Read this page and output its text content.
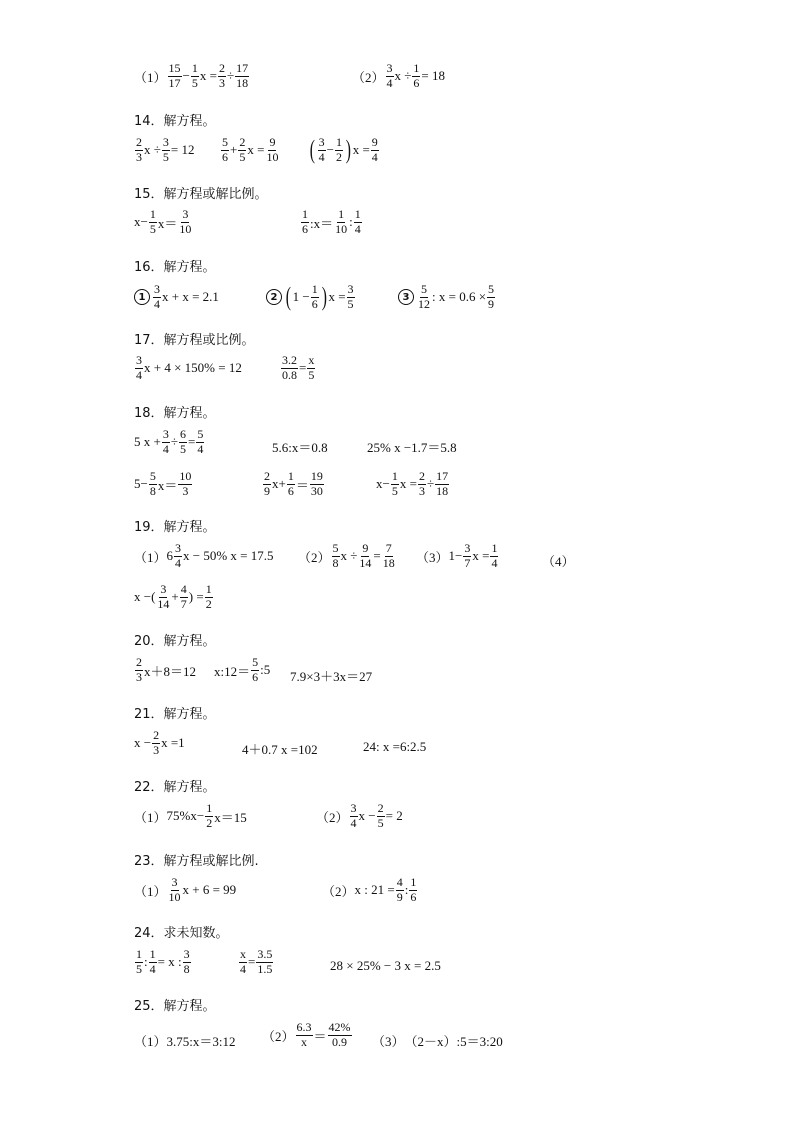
$(1) \frac{15}{17} - \frac{1}{5}$ $x = \frac{2}{3} \div \frac{17}{18}$	$(2) \frac{3}{4}$ $x \div \frac{1}{6} = 18$
14．解方程。
$\frac{2}{3}$ $x \div \frac{3}{5} = 12 \frac{5}{6} + \frac{2}{5}$ $x = \frac{9}{10}$ ( $\frac{3}{4} - \frac{1}{2}$ ) $x = \frac{9}{4}$
15．解方程或解比例。
$x- \frac{1}{5} x= \frac{3}{10}$	$\frac{1}{6}$ :x＝ $\frac{1}{10}$ : $\frac{1}{4}$
16．解方程。
$1 \frac{3}{4}$ x + x = 2.1	2 ( $1 - \frac{1}{6}$ ) $x = \frac{3}{5}$	$3 \frac{5}{12}$ : $x = 0.6 \times \frac{5}{9}$
17．解方程或比例。
$\frac{3}{4}$ x + 4 × 150% = 12	$\frac{3.2}{0.8} = \frac{x}{5}$
18．解方程。
5 $x + \frac{3}{4} \div \frac{6}{5} = \frac{5}{4}$	5.6:x＝0.8	25% x −1.7＝5.8
$5- \frac{5}{8} x= \frac{10}{3}$	$\frac{2}{9} x+ \frac{1}{6} = \frac{19}{30}$	$x- \frac{1}{5}$ $x = \frac{2}{3} \div \frac{17}{18}$
19．解方程。
（1） $6 \frac{3}{4}$ x − 50% x = 17.5 $(2) \frac{5}{8}$ $x \div \frac{9}{14} = \frac{7}{18} (3)$ $1- \frac{3}{7}$ $x = \frac{1}{4}$	（4）
x −( $\frac{3}{14} + \frac{4}{7}$ ) = $\frac{1}{2}$
20．解方程。
$\frac{2}{3} x+8=12$ x:12＝ $\frac{5}{6}$ :5 7.9×3＋3x＝27
21．解方程。
$x - \frac{2}{3}$ x =1	4＋0.7 x =102	24: x =6:2.5
22．解方程。
（1） $75\%x- \frac{1}{2} x=15$	$(2) \frac{3}{4}$ $x - \frac{2}{5} = 2$
23．解方程或解比例.
$(1) \frac{3}{10}$ x + 6 = 99	（2） x : $21 = \frac{4}{9}$ : $\frac{1}{6}$
24．求未知数。
$\frac{1}{5}$ : $\frac{1}{4} = x$ : $\frac{3}{8}$	$\frac{x}{4} = \frac{3.5}{1.5}$	28 × 25% − 3 x = 2.5
25．解方程。
（1） 3.75:x＝3:12 $(2) \frac{6.3}{x} = \frac{42\%}{0.9} (3)$ （2－x）:5＝3:20
